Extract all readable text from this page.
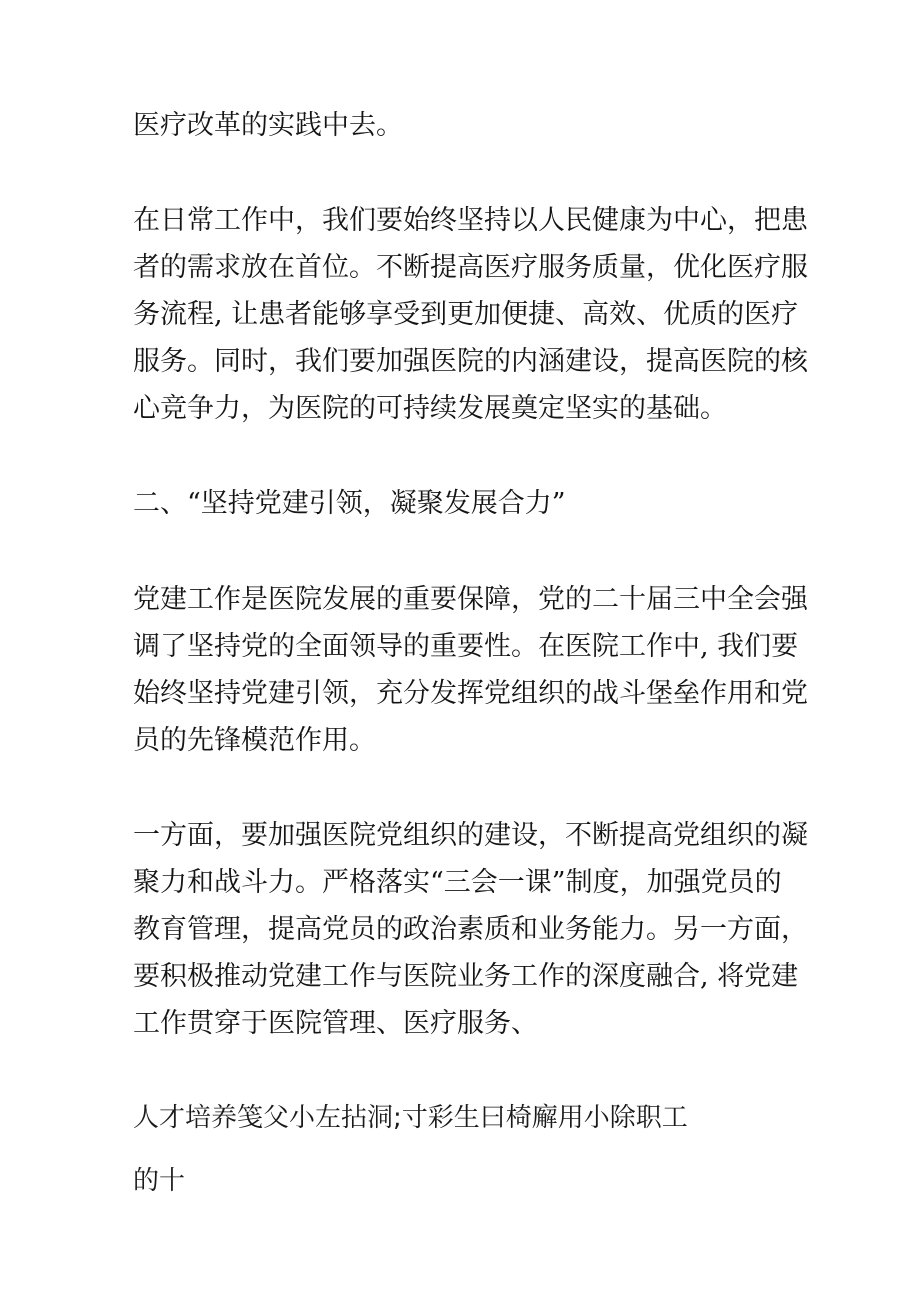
医疗改革的实践中去。
在日常工作中，我们要始终坚持以人民健康为中心，把患
者的需求放在首位。不断提高医疗服务质量，优化医疗服
务流程, 让患者能够享受到更加便捷、高效、优质的医疗
服务。同时，我们要加强医院的内涵建设，提高医院的核
心竞争力，为医院的可持续发展奠定坚实的基础。
二、“坚持党建引领，凝聚发展合力”
党建工作是医院发展的重要保障，党的二十届三中全会强
调了坚持党的全面领导的重要性。在医院工作中, 我们要
始终坚持党建引领，充分发挥党组织的战斗堡垒作用和党
员的先锋模范作用。
一方面，要加强医院党组织的建设，不断提高党组织的凝
聚力和战斗力。严格落实“三会一课”制度，加强党员的
教育管理，提高党员的政治素质和业务能力。另一方面，
要积极推动党建工作与医院业务工作的深度融合, 将党建
工作贯穿于医院管理、医疗服务、
人才培养笺父小左拈洞;寸彩生曰椅廨用小除职工
的十
